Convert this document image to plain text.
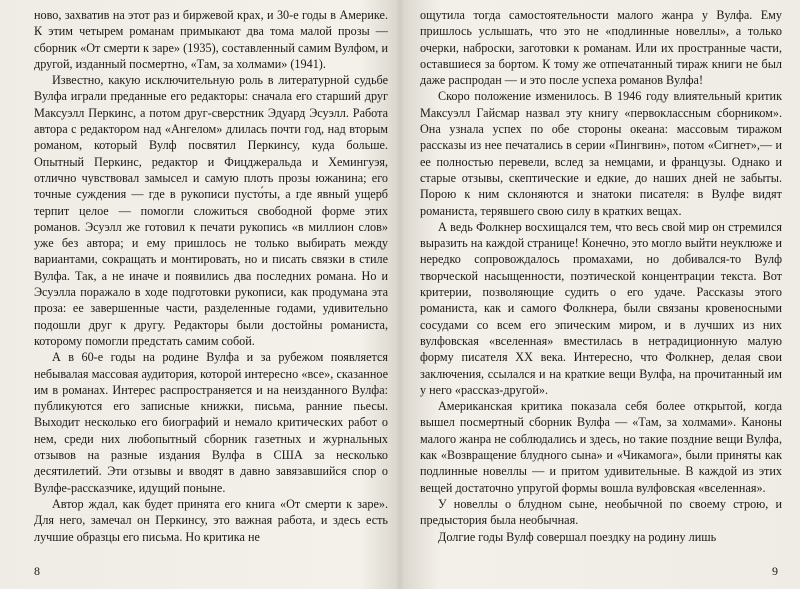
ново, захватив на этот раз и биржевой крах, и 30-е годы в Америке. К этим четырем романам примыкают два тома малой прозы — сборник «От смерти к заре» (1935), составленный самим Вулфом, и другой, изданный посмертно, «Там, за холмами» (1941).

Известно, какую исключительную роль в литературной судьбе Вулфа играли преданные его редакторы: сначала его старший друг Максуэлл Перкинс, а потом друг-сверстник Эдуард Эсуэлл. Работа автора с редактором над «Ангелом» длилась почти год, над вторым романом, который Вулф посвятил Перкинсу, куда больше. Опытный Перкинс, редактор и Фицджеральда и Хемингуэя, отлично чувствовал замысел и самую плоть прозы южанина; его точные суждения — где в рукописи пусто́ты, а где явный ущерб терпит целое — помогли сложиться свободной форме этих романов. Эсуэлл же готовил к печати рукопись «в миллион слов» уже без автора; и ему пришлось не только выбирать между вариантами, сокращать и монтировать, но и писать связки в стиле Вулфа. Так, а не иначе и появились два последних романа. Но и Эсуэлла поражало в ходе подготовки рукописи, как продумана эта проза: ее завершенные части, разделенные годами, удивительно подошли друг к другу. Редакторы были достойны романиста, которому помогли предстать самим собой.

А в 60-е годы на родине Вулфа и за рубежом появляется небывалая массовая аудитория, которой интересно «все», сказанное им в романах. Интерес распространяется и на неизданного Вулфа: публикуются его записные книжки, письма, ранние пьесы. Выходит несколько его биографий и немало критических работ о нем, среди них любопытный сборник газетных и журнальных отзывов на разные издания Вулфа в США за несколько десятилетий. Эти отзывы и вводят в давно завязавшийся спор о Вулфе-рассказчике, идущий поныне.

Автор ждал, как будет принята его книга «От смерти к заре». Для него, замечал он Перкинсу, это важная работа, и здесь есть лучшие образцы его письма. Но критика не

8

ощутила тогда самостоятельности малого жанра у Вулфа. Ему пришлось услышать, что это не «подлинные новеллы», а только очерки, наброски, заготовки к романам. Или их пространные части, оставшиеся за бортом. К тому же отпечатанный тираж книги не был даже распродан — и это после успеха романов Вулфа!

Скоро положение изменилось. В 1946 году влиятельный критик Максуэлл Гайсмар назвал эту книгу «первоклассным сборником». Она узнала успех по обе стороны океана: массовым тиражом рассказы из нее печатались в серии «Пингвин», потом «Сигнет»,— и ее полностью перевели, вслед за немцами, и французы. Однако и старые отзывы, скептические и едкие, до наших дней не забыты. Порою к ним склоняются и знатоки писателя: в Вулфе видят романиста, терявшего свою силу в кратких вещах.

А ведь Фолкнер восхищался тем, что весь свой мир он стремился выразить на каждой странице! Конечно, это могло выйти неуклюже и нередко сопровождалось промахами, но добивался-то Вулф творческой насыщенности, поэтической концентрации текста. Вот критерии, позволяющие судить о его удаче. Рассказы этого романиста, как и самого Фолкнера, были связаны кровеносными сосудами со всем его эпическим миром, и в лучших из них вулфовская «вселенная» вместилась в нетрадиционную малую форму писателя XX века. Интересно, что Фолкнер, делая свои заключения, ссылался и на краткие вещи Вулфа, на прочитанный им у него «рассказ-другой».

Американская критика показала себя более открытой, когда вышел посмертный сборник Вулфа — «Там, за холмами». Каноны малого жанра не соблюдались и здесь, но такие поздние вещи Вулфа, как «Возвращение блудного сына» и «Чикамога», были приняты как подлинные новеллы — и притом удивительные. В каждой из этих вещей достаточно упругой формы вошла вулфовская «вселенная».

У новеллы о блудном сыне, необычной по своему строю, и предыстория была необычная.

Долгие годы Вулф совершал поездку на родину лишь

9
